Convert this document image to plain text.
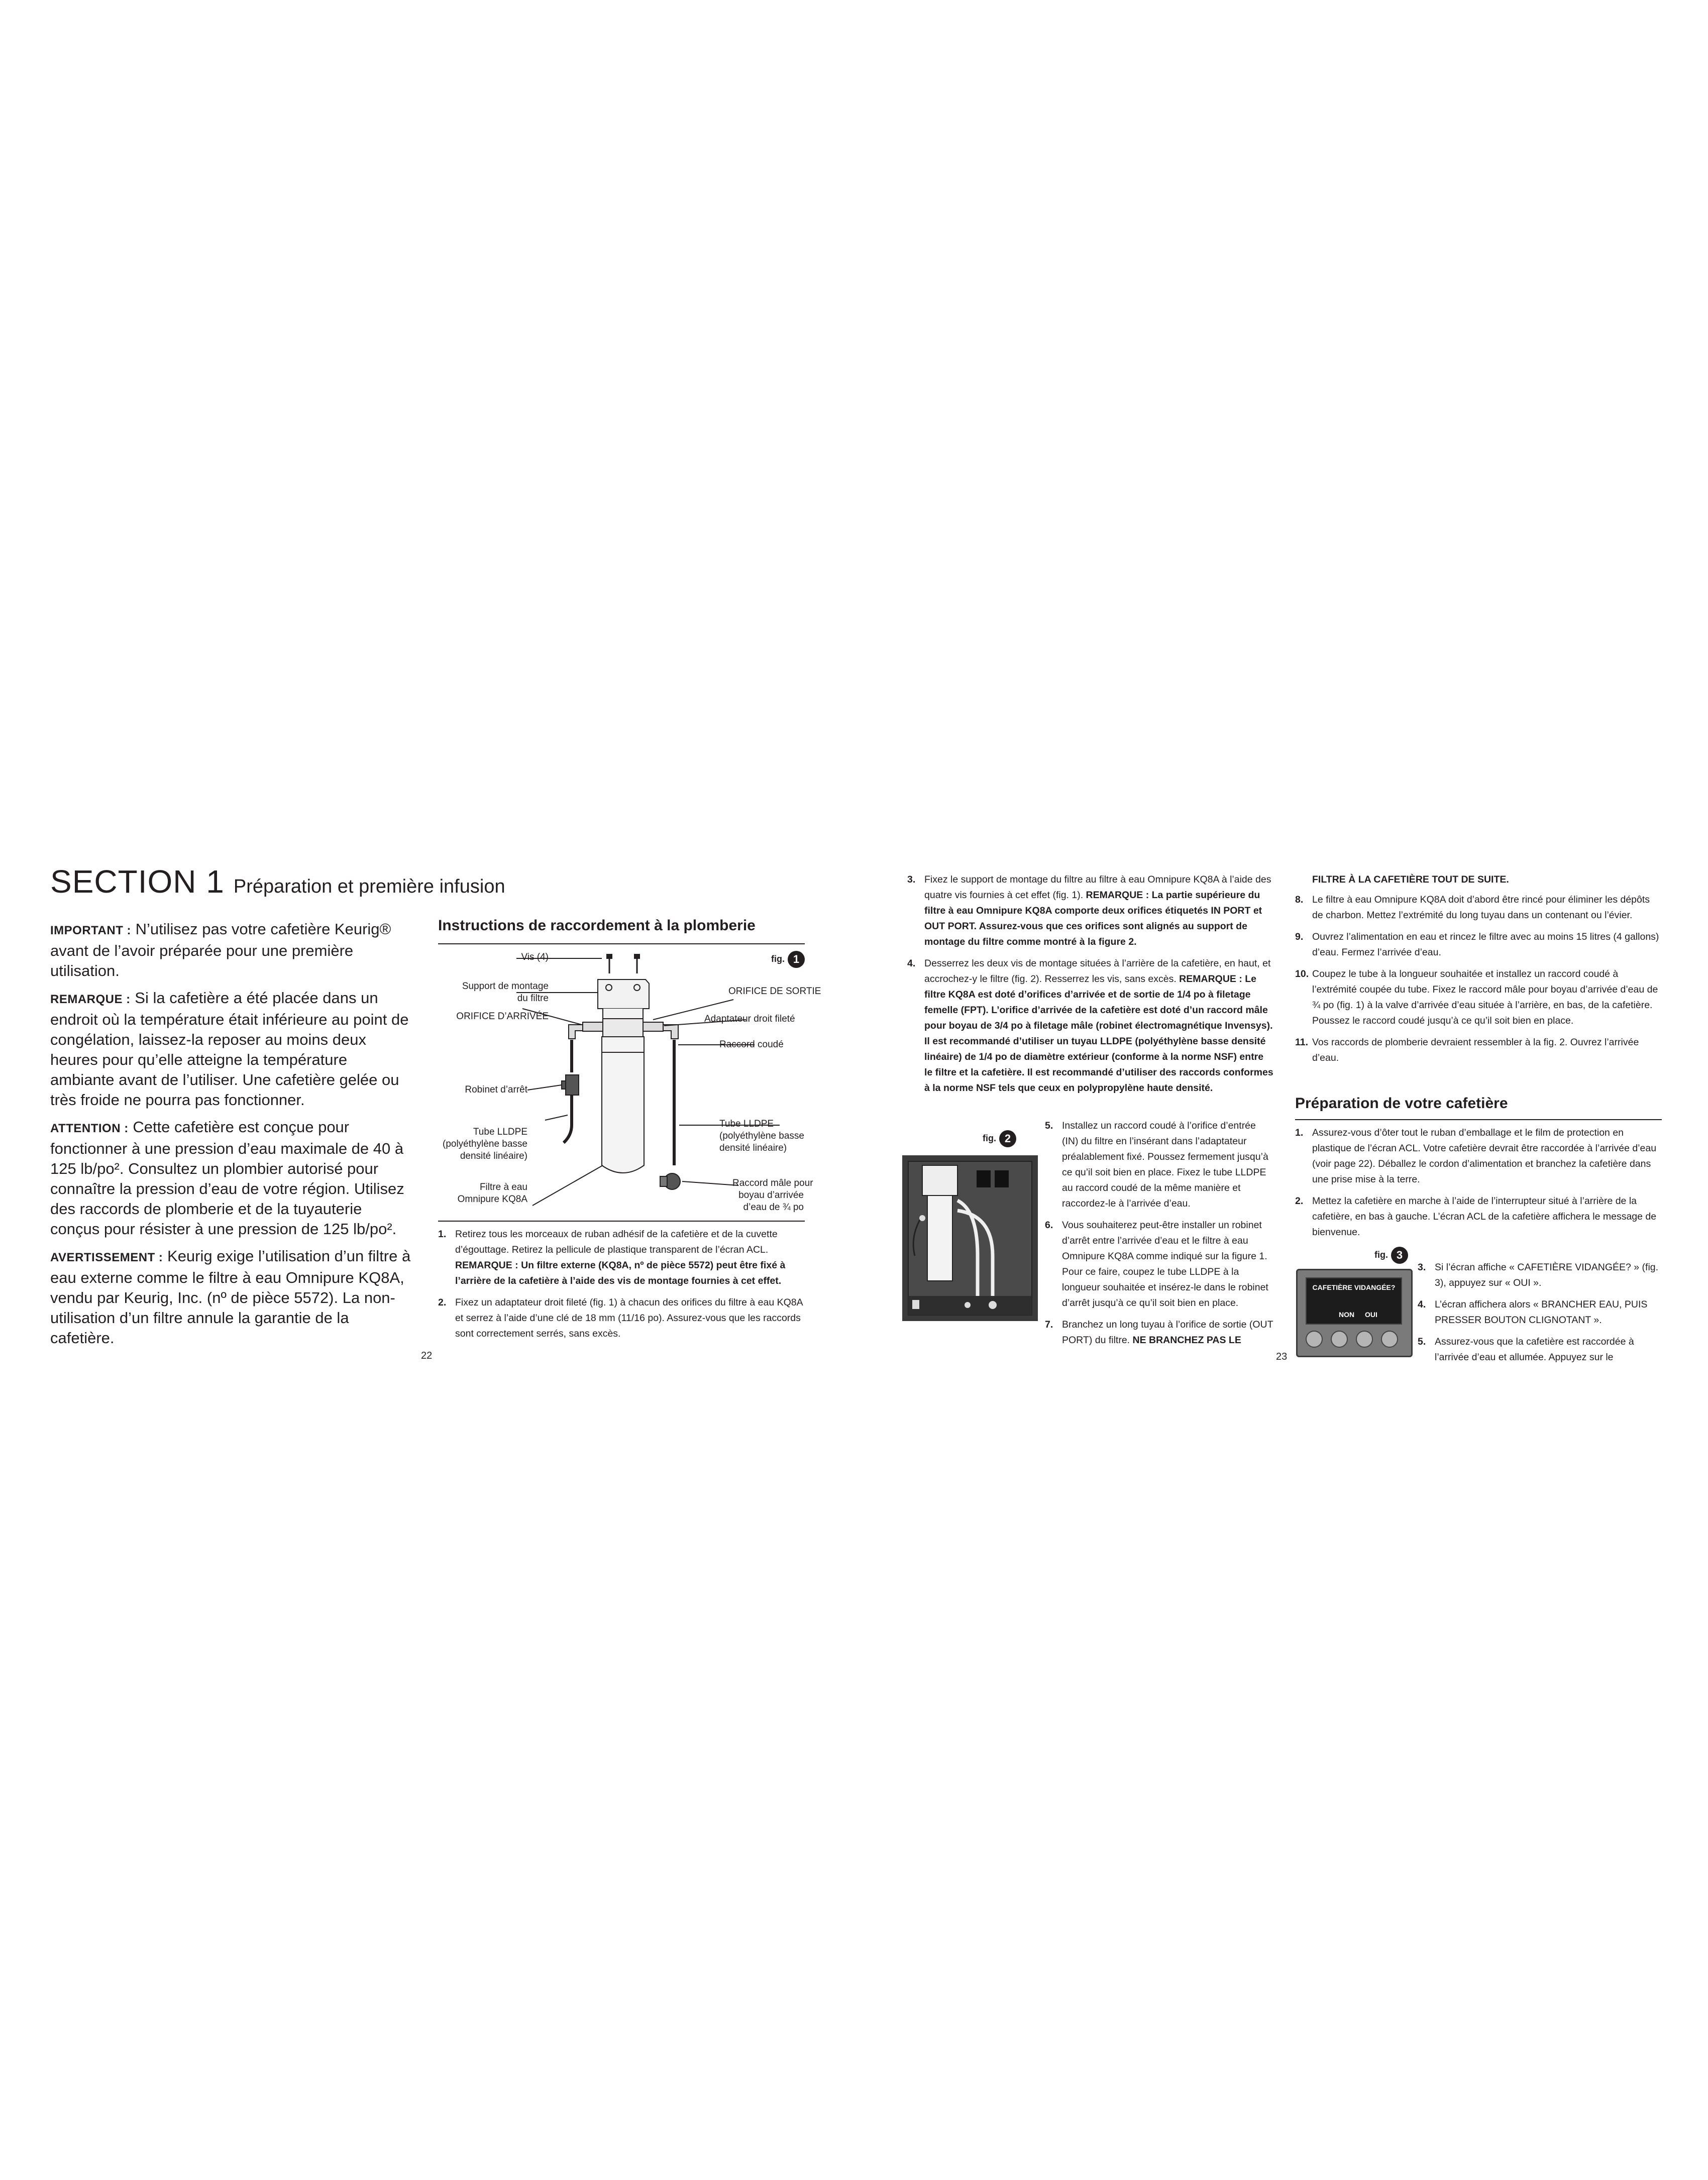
SECTION 1 Préparation et première infusion

IMPORTANT : N’utilisez pas votre cafetière Keurig® avant de l’avoir préparée pour une première utilisation.

REMARQUE : Si la cafetière a été placée dans un endroit où la température était inférieure au point de congélation, laissez-la reposer au moins deux heures pour qu’elle atteigne la température ambiante avant de l’utiliser. Une cafetière gelée ou très froide ne pourra pas fonctionner.

ATTENTION : Cette cafetière est conçue pour fonctionner à une pression d’eau maximale de 40 à 125 lb/po². Consultez un plombier autorisé pour connaître la pression d’eau de votre région. Utilisez des raccords de plomberie et de la tuyauterie conçus pour résister à une pression de 125 lb/po².

AVERTISSEMENT : Keurig exige l’utilisation d’un filtre à eau externe comme le filtre à eau Omnipure KQ8A, vendu par Keurig, Inc. (nº de pièce 5572). La non-utilisation d’un filtre annule la garantie de la cafetière.

Instructions de raccordement à la plomberie
fig. 1
Vis (4)
Support de montage
du filtre
ORIFICE D’ARRIVÉE
ORIFICE DE SORTIE
Adaptateur droit fileté
Raccord coudé
Robinet d’arrêt
Tube LLDPE
(polyéthylène basse
densité linéaire)
Tube LLDPE
(polyéthylène basse
densité linéaire)
Filtre à eau
Omnipure KQ8A
Raccord mâle pour
boyau d’arrivée
d’eau de ¾ po
1. Retirez tous les morceaux de ruban adhésif de la cafetière et de la cuvette d’égouttage. Retirez la pellicule de plastique transparent de l’écran ACL. REMARQUE : Un filtre externe (KQ8A, nº de pièce 5572) peut être fixé à l’arrière de la cafetière à l’aide des vis de montage fournies à cet effet.
2. Fixez un adaptateur droit fileté (fig. 1) à chacun des orifices du filtre à eau KQ8A et serrez à l’aide d’une clé de 18 mm (11/16 po). Assurez-vous que les raccords sont correctement serrés, sans excès.
22
3. Fixez le support de montage du filtre au filtre à eau Omnipure KQ8A à l’aide des quatre vis fournies à cet effet (fig. 1). REMARQUE : La partie supérieure du filtre à eau Omnipure KQ8A comporte deux orifices étiquetés IN PORT et OUT PORT. Assurez-vous que ces orifices sont alignés au support de montage du filtre comme montré à la figure 2.
4. Desserrez les deux vis de montage situées à l’arrière de la cafetière, en haut, et accrochez-y le filtre (fig. 2). Resserrez les vis, sans excès. REMARQUE : Le filtre KQ8A est doté d’orifices d’arrivée et de sortie de 1/4 po à filetage femelle (FPT). L’orifice d’arrivée de la cafetière est doté d’un raccord mâle pour boyau de 3/4 po à filetage mâle (robinet électromagnétique Invensys). Il est recommandé d’utiliser un tuyau LLDPE (polyéthylène basse densité linéaire) de 1/4 po de diamètre extérieur (conforme à la norme NSF) entre le filtre et la cafetière. Il est recommandé d’utiliser des raccords conformes à la norme NSF tels que ceux en polypropylène haute densité.
fig. 2
5. Installez un raccord coudé à l’orifice d’entrée (IN) du filtre en l’insérant dans l’adaptateur préalablement fixé. Poussez fermement jusqu’à ce qu’il soit bien en place. Fixez le tube LLDPE au raccord coudé de la même manière et raccordez-le à l’arrivée d’eau.
6. Vous souhaiterez peut-être installer un robinet d’arrêt entre l’arrivée d’eau et le filtre à eau Omnipure KQ8A comme indiqué sur la figure 1. Pour ce faire, coupez le tube LLDPE à la longueur souhaitée et insérez-le dans le robinet d’arrêt jusqu’à ce qu’il soit bien en place.
7. Branchez un long tuyau à l’orifice de sortie (OUT PORT) du filtre. NE BRANCHEZ PAS LE
FILTRE À LA CAFETIÈRE TOUT DE SUITE.
8. Le filtre à eau Omnipure KQ8A doit d’abord être rincé pour éliminer les dépôts de charbon. Mettez l’extrémité du long tuyau dans un contenant ou l’évier.
9. Ouvrez l’alimentation en eau et rincez le filtre avec au moins 15 litres (4 gallons) d’eau. Fermez l’arrivée d’eau.
10. Coupez le tube à la longueur souhaitée et installez un raccord coudé à l’extrémité coupée du tube. Fixez le raccord mâle pour boyau d’arrivée d’eau de ¾ po (fig. 1) à la valve d’arrivée d’eau située à l’arrière, en bas, de la cafetière. Poussez le raccord coudé jusqu’à ce qu’il soit bien en place.
11. Vos raccords de plomberie devraient ressembler à la fig. 2. Ouvrez l’arrivée d’eau.
Préparation de votre cafetière
1. Assurez-vous d’ôter tout le ruban d’emballage et le film de protection en plastique de l’écran ACL. Votre cafetière devrait être raccordée à l’arrivée d’eau (voir page 22). Déballez le cordon d’alimentation et branchez la cafetière dans une prise mise à la terre.
2. Mettez la cafetière en marche à l’aide de l’interrupteur situé à l’arrière de la cafetière, en bas à gauche. L’écran ACL de la cafetière affichera le message de bienvenue.
fig. 3
CAFETIÈRE VIDANGÉE?
NON OUI
3. Si l’écran affiche « CAFETIÈRE VIDANGÉE? » (fig. 3), appuyez sur « OUI ».
4. L’écran affichera alors « BRANCHER EAU, PUIS PRESSER BOUTON CLIGNOTANT ».
5. Assurez-vous que la cafetière est raccordée à l’arrivée d’eau et allumée. Appuyez sur le
23
